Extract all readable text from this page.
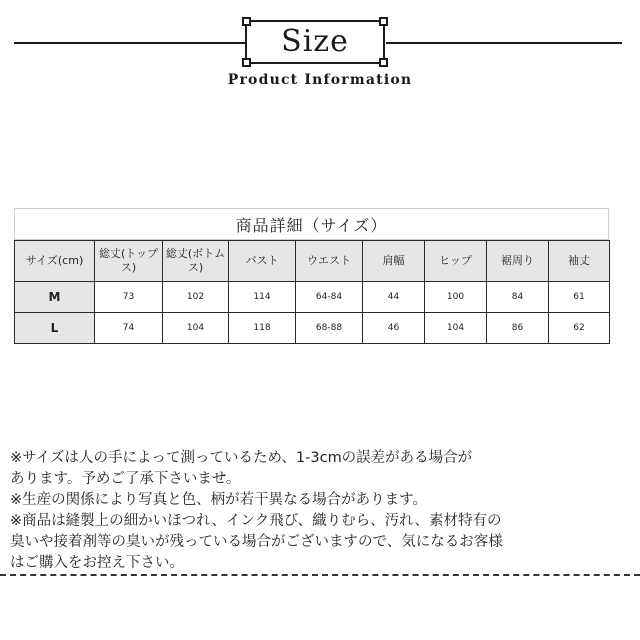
Size
Product Information
商品詳細（サイズ）
サイズ(cm)	総丈(トップス)	総丈(ボトムス)	バスト	ウエスト	肩幅	ヒップ	裾周り	袖丈
M	73	102	114	64-84	44	100	84	61
L	74	104	118	68-88	46	104	86	62

※サイズは人の手によって測っているため、1-3cmの誤差がある場合が

あります。予めご了承下さいませ。

※生産の関係により写真と色、柄が若干異なる場合があります。

※商品は縫製上の細かいほつれ、インク飛び、織りむら、汚れ、素材特有の

臭いや接着剤等の臭いが残っている場合がございますので、気になるお客様

はご購入をお控え下さい。
